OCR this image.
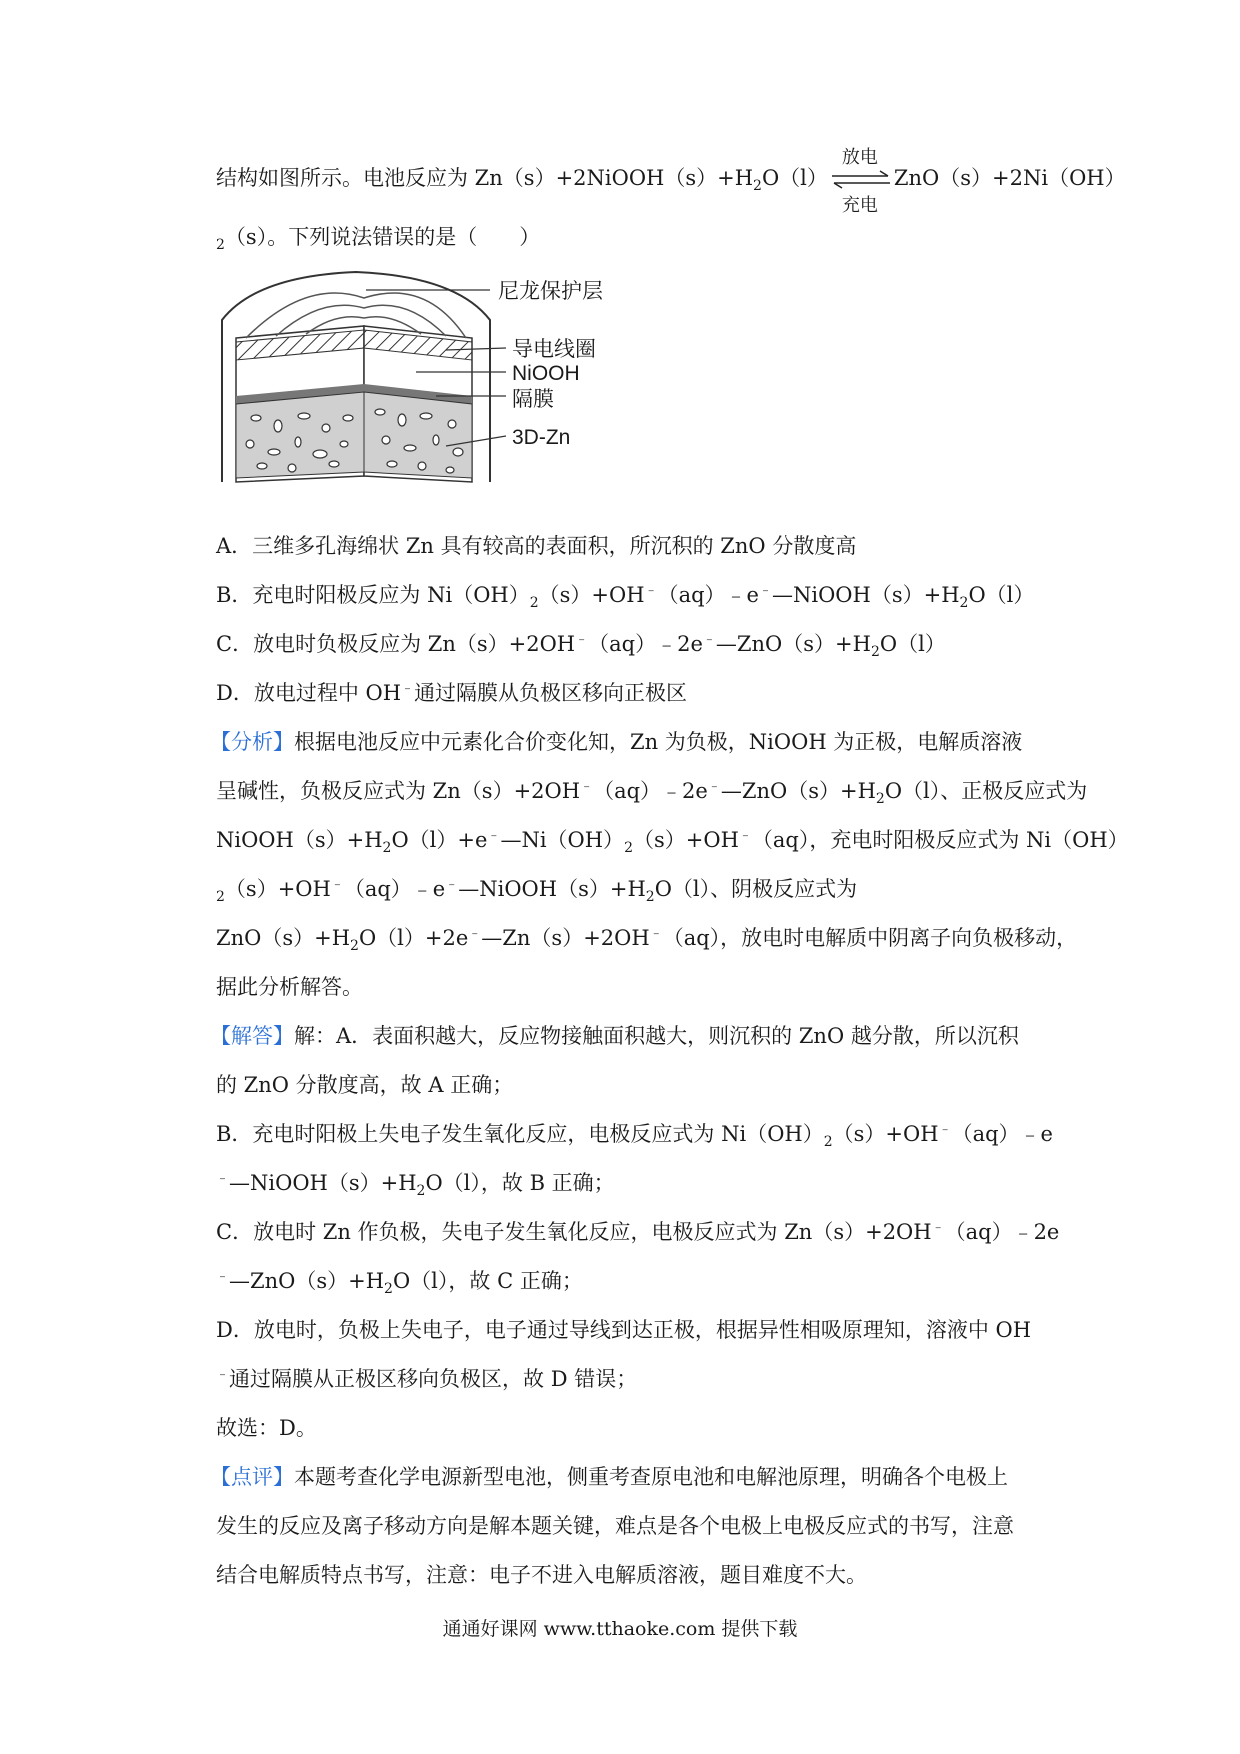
结构如图所示。电池反应为 $Zn(s)+2NiOOH(s)+H_2O(l)$
放电
充电
ZnO（s）+2Ni（OH）
$_2$（s）。下列说法错误的是（　　）
尼龙保护层
导电线圈
NiOOH
隔膜
3D-Zn
A．三维多孔海绵状 Zn 具有较高的表面积，所沉积的 ZnO 分散度高
B．充电时阳极反应为 $Ni(OH)_2(s)+OH^﹣(aq)﹣e^﹣—NiOOH(s)+H_2O(l)$
C．放电时负极反应为 $Zn(s)+2OH^﹣(aq)﹣2e^﹣—ZnO(s)+H_2O(l)$
D．放电过程中 OH﹣通过隔膜从负极区移向正极区
【分析】根据电池反应中元素化合价变化知，Zn 为负极，NiOOH 为正极，电解质溶液
呈碱性，负极反应式为 $Zn(s)+2OH^﹣(aq)﹣2e^﹣—ZnO(s)+H_2O(l)$、正极反应式为
$NiOOH(s)+H_2O(l)+e^﹣—Ni(OH)_2(s)+OH^﹣(aq)$，充电时阳极反应式为 Ni（OH）
$_2(s)+OH^﹣(aq)﹣e^﹣—NiOOH(s)+H_2O(l)$、阴极反应式为
$ZnO(s)+H_2O(l)+2e^﹣—Zn(s)+2OH^﹣(aq)$，放电时电解质中阴离子向负极移动，
据此分析解答。
【解答】解：A．表面积越大，反应物接触面积越大，则沉积的 ZnO 越分散，所以沉积
的 ZnO 分散度高，故 A 正确；
B．充电时阳极上失电子发生氧化反应，电极反应式为 $Ni(OH)_2(s)+OH^﹣(aq)﹣e$
$^﹣—NiOOH(s)+H_2O(l)$，故 B 正确；
C．放电时 Zn 作负极，失电子发生氧化反应，电极反应式为 Zn（s）+2OH﹣（aq）﹣2e
$^﹣—ZnO(s)+H_2O(l)$，故 C 正确；
D．放电时，负极上失电子，电子通过导线到达正极，根据异性相吸原理知，溶液中 OH
﹣通过隔膜从正极区移向负极区，故 D 错误；
故选：D。
【点评】本题考查化学电源新型电池，侧重考查原电池和电解池原理，明确各个电极上
发生的反应及离子移动方向是解本题关键，难点是各个电极上电极反应式的书写，注意
结合电解质特点书写，注意：电子不进入电解质溶液，题目难度不大。
通通好课网 www.tthaoke.com 提供下载
